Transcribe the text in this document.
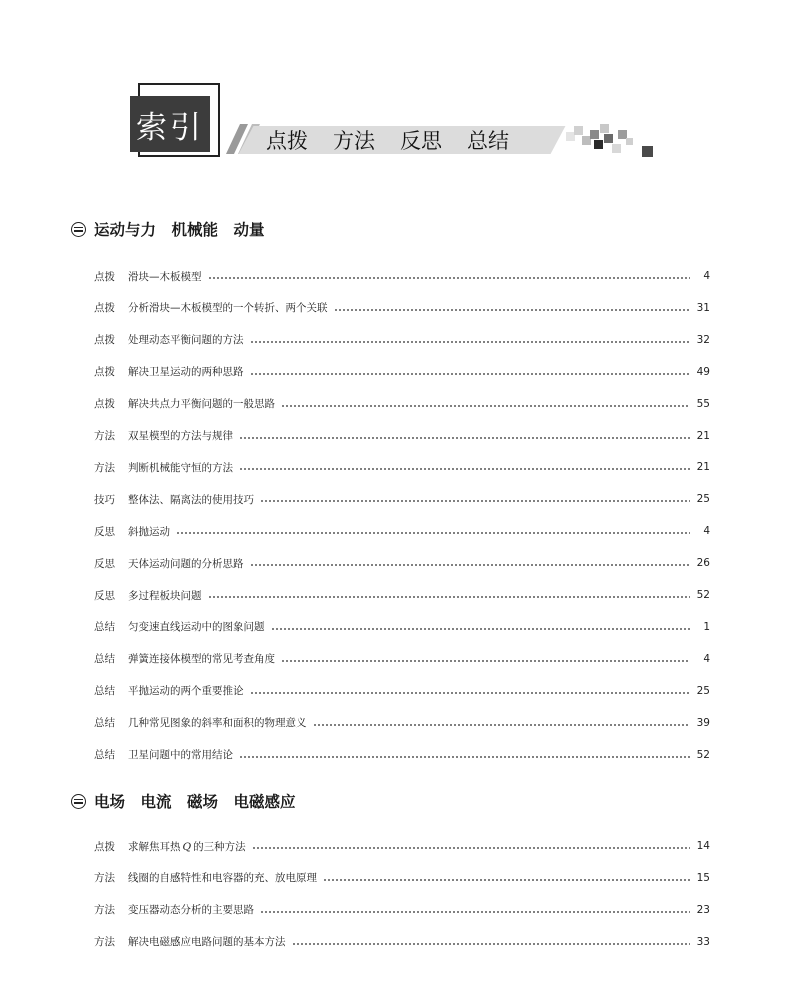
索引	点拨 方法 反思 总结
运动与力　机械能　动量
点拨	滑块—木板模型	4
点拨	分析滑块—木板模型的一个转折、两个关联	31
点拨	处理动态平衡问题的方法	32
点拨	解决卫星运动的两种思路	49
点拨	解决共点力平衡问题的一般思路	55
方法	双星模型的方法与规律	21
方法	判断机械能守恒的方法	21
技巧	整体法、隔离法的使用技巧	25
反思	斜抛运动	4
反思	天体运动问题的分析思路	26
反思	多过程板块问题	52
总结	匀变速直线运动中的图象问题	1
总结	弹簧连接体模型的常见考查角度	4
总结	平抛运动的两个重要推论	25
总结	几种常见图象的斜率和面积的物理意义	39
总结	卫星问题中的常用结论	52
电场　电流　磁场　电磁感应
点拨	求解焦耳热 Q 的三种方法	14
方法	线圈的自感特性和电容器的充、放电原理	15
方法	变压器动态分析的主要思路	23
方法	解决电磁感应电路问题的基本方法	33
